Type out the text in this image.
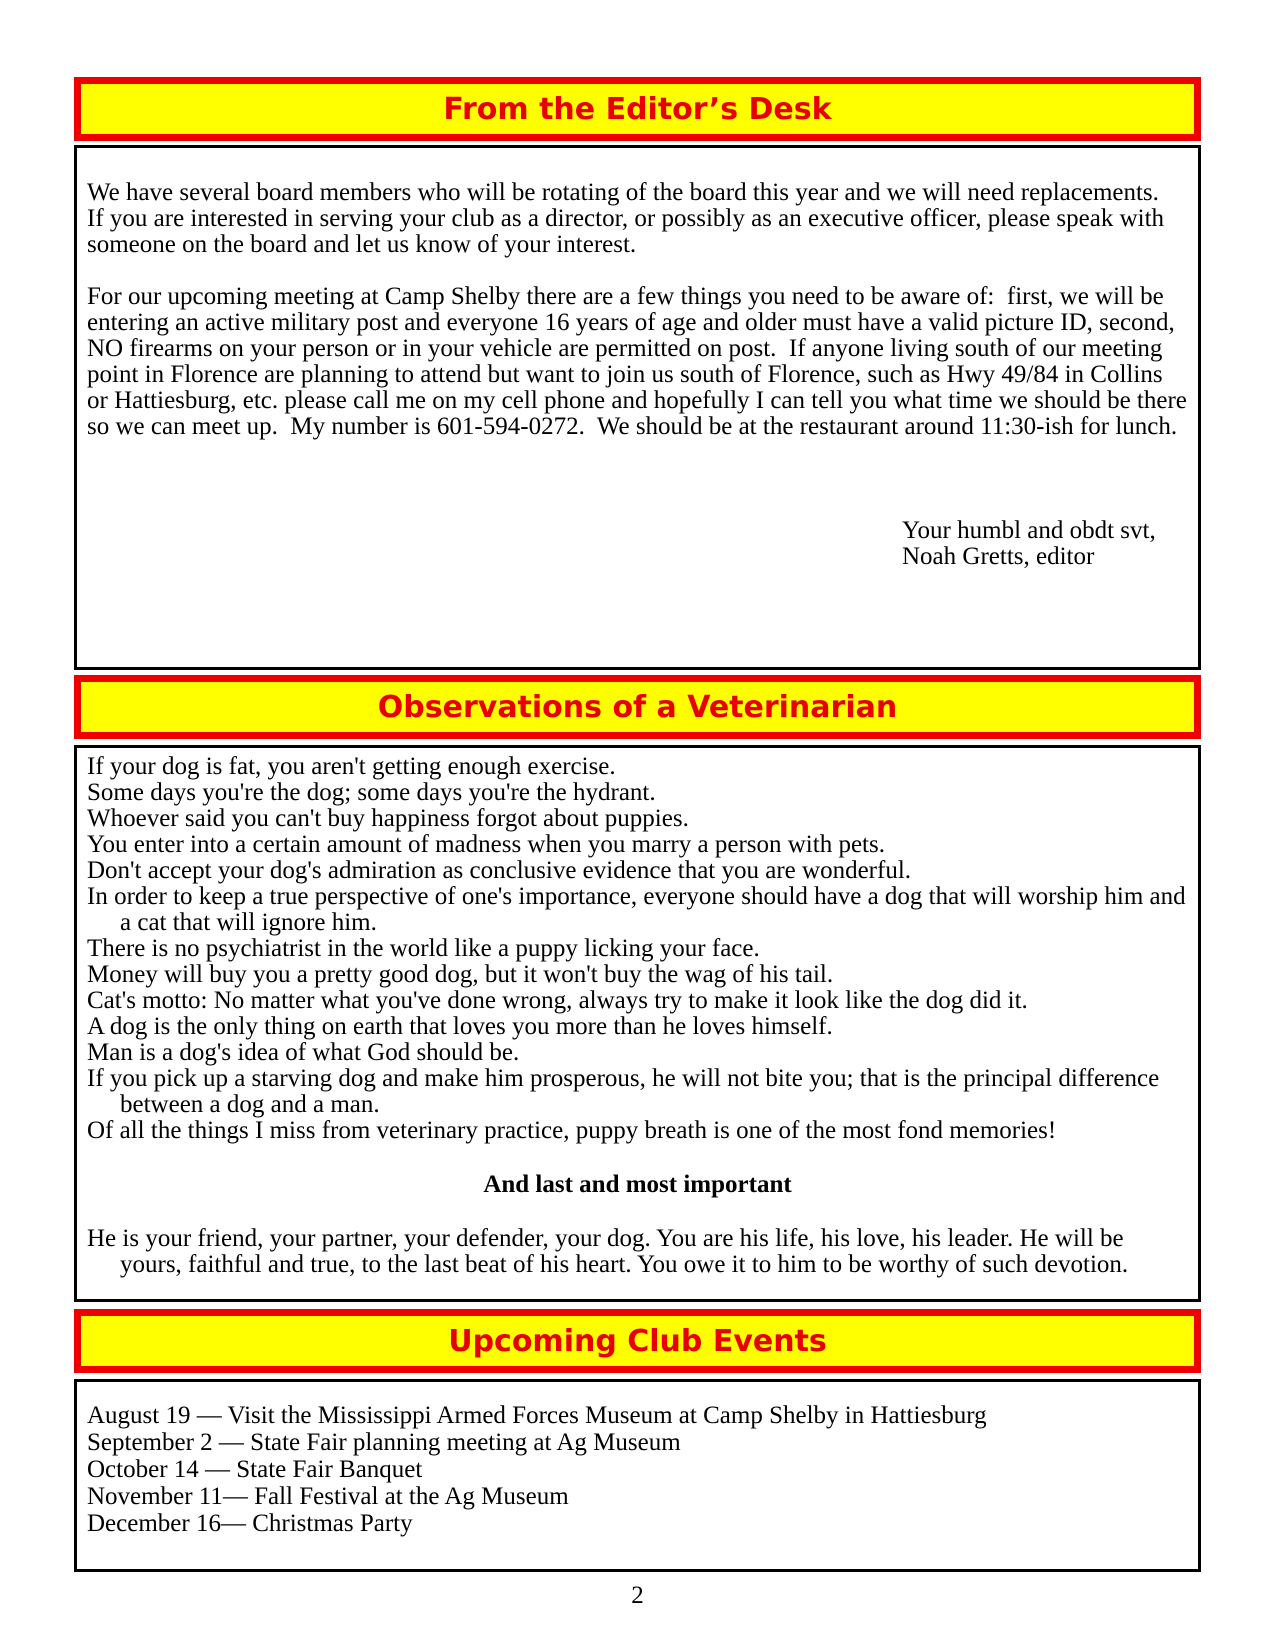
From the Editor’s Desk
We have several board members who will be rotating of the board this year and we will need replacements.  If you are interested in serving your club as a director, or possibly as an executive officer, please speak with someone on the board and let us know of your interest.
For our upcoming meeting at Camp Shelby there are a few things you need to be aware of:  first, we will be entering an active military post and everyone 16 years of age and older must have a valid picture ID, second, NO firearms on your person or in your vehicle are permitted on post.  If anyone living south of our meeting point in Florence are planning to attend but want to join us south of Florence, such as Hwy 49/84 in Collins or Hattiesburg, etc. please call me on my cell phone and hopefully I can tell you what time we should be there so we can meet up.  My number is 601-594-0272.  We should be at the restaurant around 11:30-ish for lunch.
Your humbl and obdt svt,
Noah Gretts, editor
Observations of a Veterinarian
If your dog is fat, you aren't getting enough exercise.
Some days you're the dog; some days you're the hydrant.
Whoever said you can't buy happiness forgot about puppies.
You enter into a certain amount of madness when you marry a person with pets.
Don't accept your dog's admiration as conclusive evidence that you are wonderful.
In order to keep a true perspective of one's importance, everyone should have a dog that will worship him and a cat that will ignore him.
There is no psychiatrist in the world like a puppy licking your face.
Money will buy you a pretty good dog, but it won't buy the wag of his tail.
Cat's motto: No matter what you've done wrong, always try to make it look like the dog did it.
A dog is the only thing on earth that loves you more than he loves himself.
Man is a dog's idea of what God should be.
If you pick up a starving dog and make him prosperous, he will not bite you; that is the principal difference between a dog and a man.
Of all the things I miss from veterinary practice, puppy breath is one of the most fond memories!
And last and most important
He is your friend, your partner, your defender, your dog. You are his life, his love, his leader. He will be yours, faithful and true, to the last beat of his heart. You owe it to him to be worthy of such devotion.
Upcoming Club Events
August 19 — Visit the Mississippi Armed Forces Museum at Camp Shelby in Hattiesburg
September 2 — State Fair planning meeting at Ag Museum
October 14 — State Fair Banquet
November 11— Fall Festival at the Ag Museum
December 16— Christmas Party
2
